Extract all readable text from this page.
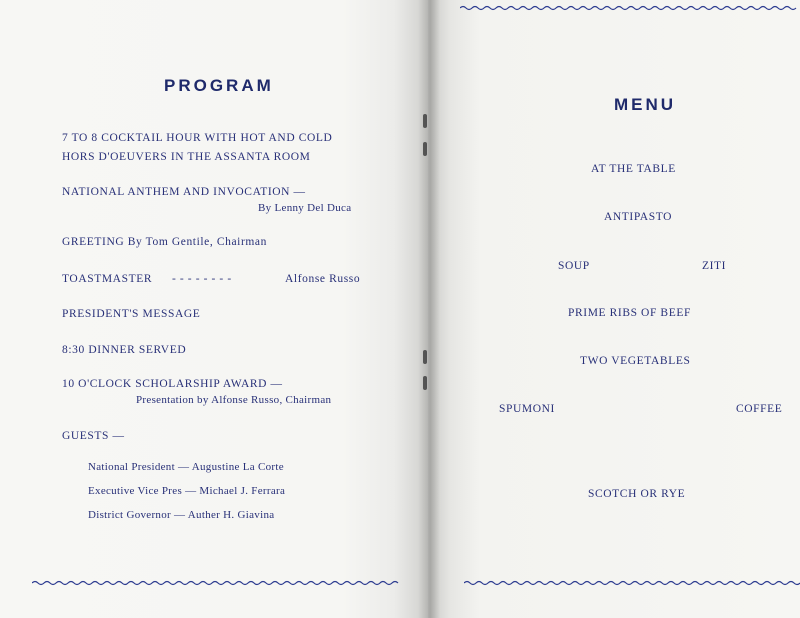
PROGRAM
7 TO 8 COCKTAIL HOUR WITH HOT AND COLD
HORS D'OEUVERS IN THE ASSANTA ROOM
NATIONAL ANTHEM AND INVOCATION —
By Lenny Del Duca
GREETING By Tom Gentile, Chairman
TOASTMASTER - - - - - - - -	Alfonse Russo
PRESIDENT'S MESSAGE
8:30 DINNER SERVED
10 O'CLOCK SCHOLARSHIP AWARD —
Presentation by Alfonse Russo, Chairman
GUESTS —
National President — Augustine La Corte
Executive Vice Pres — Michael J. Ferrara
District Governor — Auther H. Giavina
MENU
AT THE TABLE
ANTIPASTO
SOUP	ZITI
PRIME RIBS OF BEEF
TWO VEGETABLES
SPUMONI	COFFEE
SCOTCH OR RYE
